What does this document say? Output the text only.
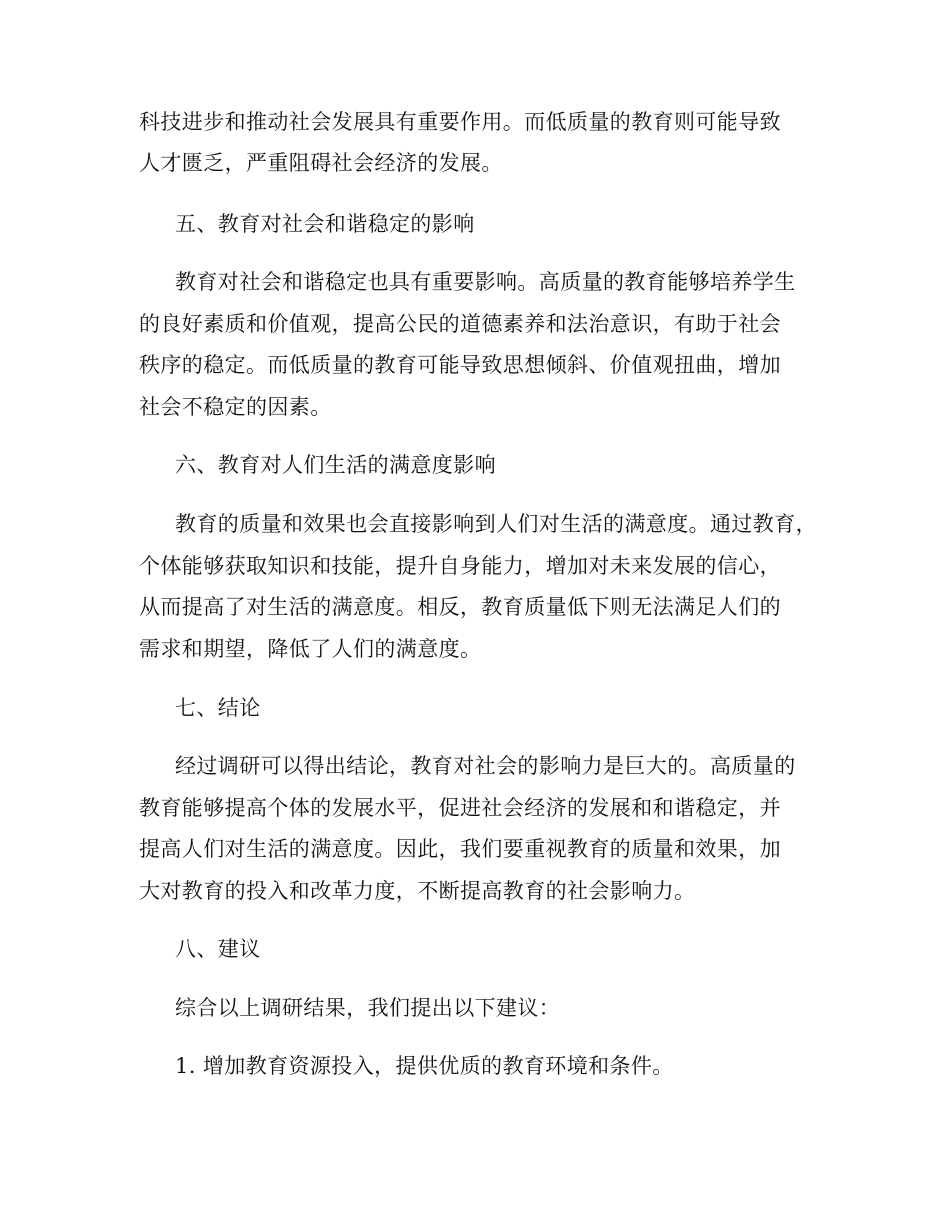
科技进步和推动社会发展具有重要作用。而低质量的教育则可能导致
人才匮乏，严重阻碍社会经济的发展。
五、教育对社会和谐稳定的影响
教育对社会和谐稳定也具有重要影响。高质量的教育能够培养学生
的良好素质和价值观，提高公民的道德素养和法治意识，有助于社会
秩序的稳定。而低质量的教育可能导致思想倾斜、价值观扭曲，增加
社会不稳定的因素。
六、教育对人们生活的满意度影响
教育的质量和效果也会直接影响到人们对生活的满意度。通过教育，
个体能够获取知识和技能，提升自身能力，增加对未来发展的信心，
从而提高了对生活的满意度。相反，教育质量低下则无法满足人们的
需求和期望，降低了人们的满意度。
七、结论
经过调研可以得出结论，教育对社会的影响力是巨大的。高质量的
教育能够提高个体的发展水平，促进社会经济的发展和和谐稳定，并
提高人们对生活的满意度。因此，我们要重视教育的质量和效果，加
大对教育的投入和改革力度，不断提高教育的社会影响力。
八、建议
综合以上调研结果，我们提出以下建议：
1. 增加教育资源投入，提供优质的教育环境和条件。
